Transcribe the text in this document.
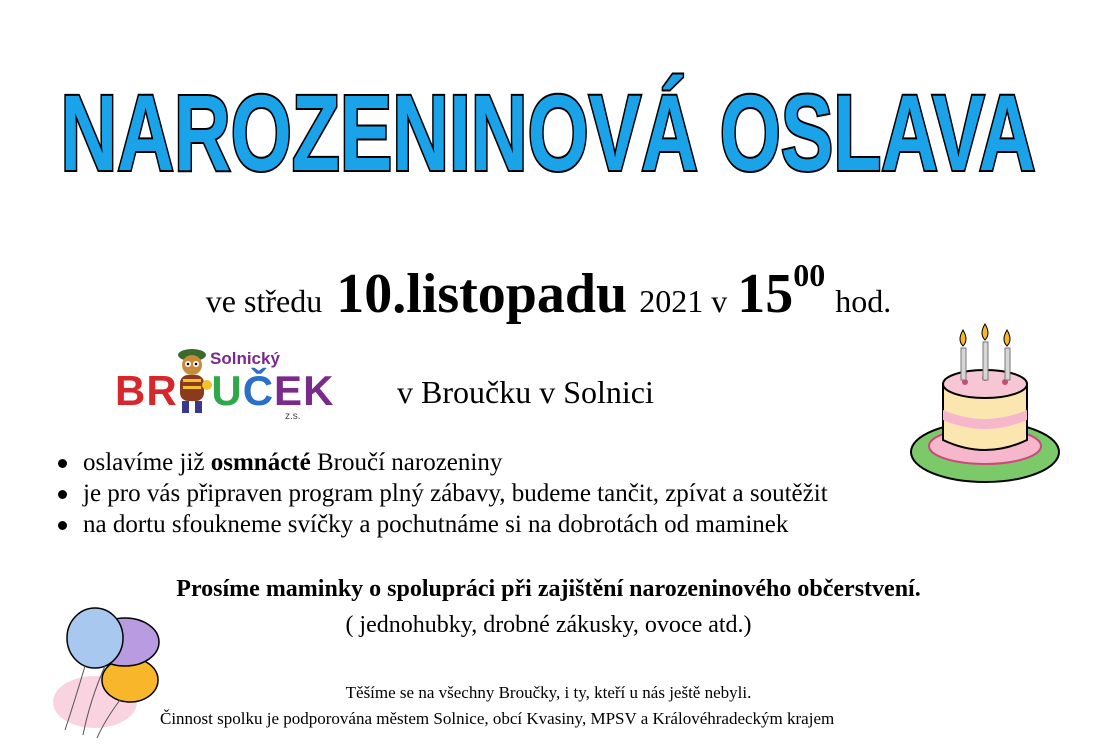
NAROZENINOVÁ OSLAVA
ve středu 10.listopadu 2021 v $15^{00}$ hod.
Solnický
BR UČEK
z.s.
v Broučku v Solnici
oslavíme již osmnácté Broučí narozeniny
je pro vás připraven program plný zábavy, budeme tančit, zpívat a soutěžit
na dortu sfoukneme svíčky a pochutnáme si na dobrotách od maminek
Prosíme maminky o spolupráci při zajištění narozeninového občerstvení.
( jednohubky, drobné zákusky, ovoce atd.)
Těšíme se na všechny Broučky, i ty, kteří u nás ještě nebyli.
Činnost spolku je podporována městem Solnice, obcí Kvasiny, MPSV a Královéhradeckým krajem
